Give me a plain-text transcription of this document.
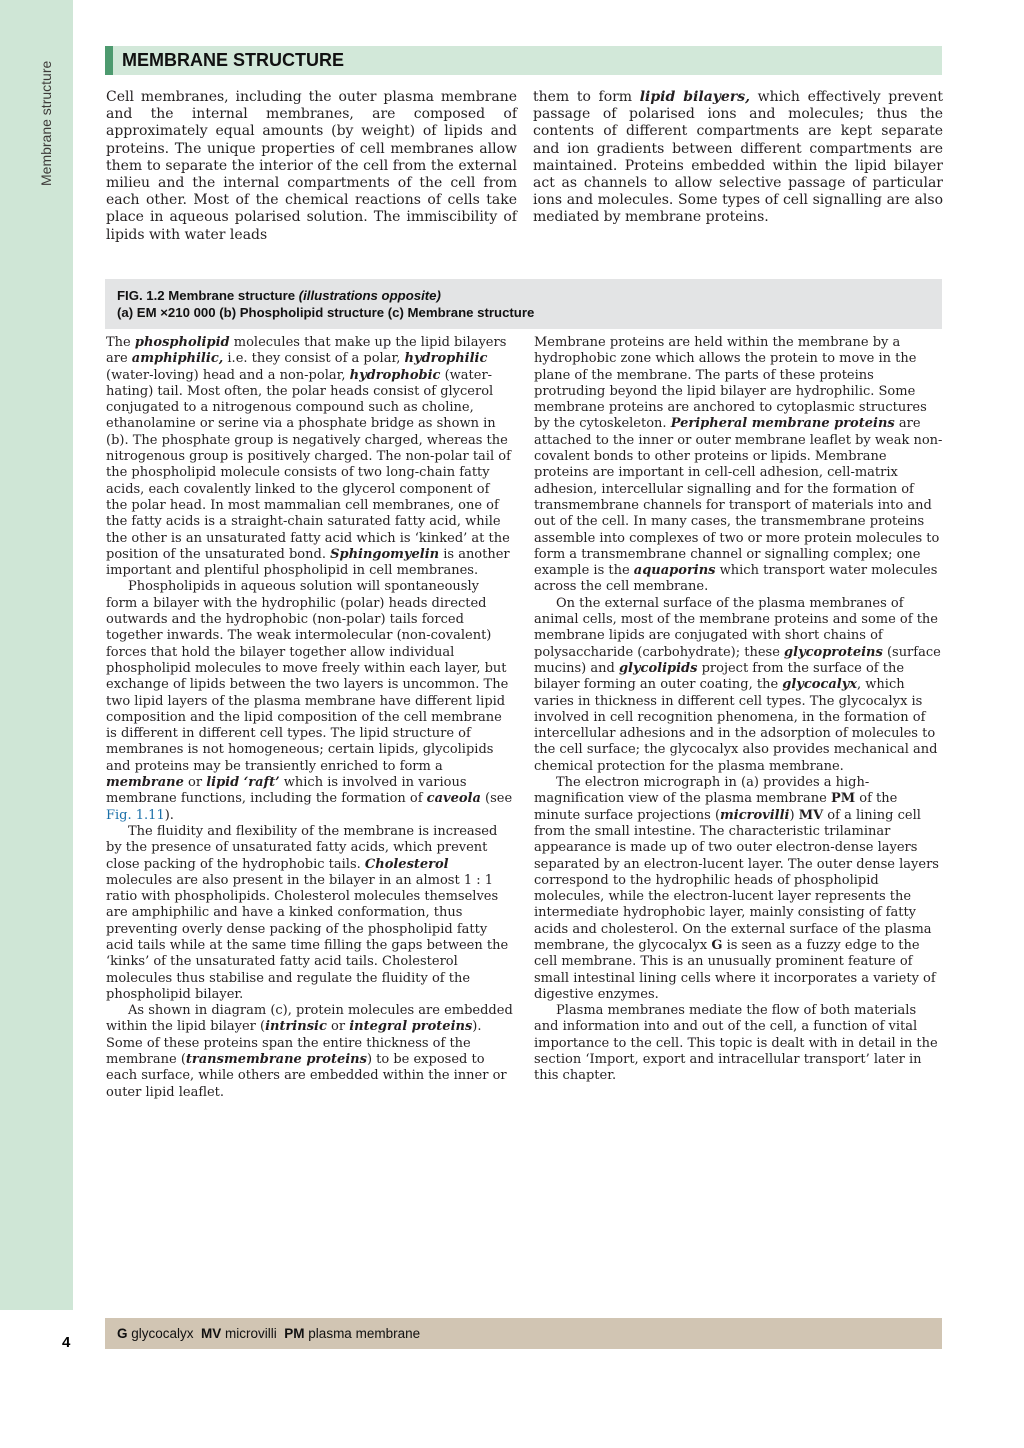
Membrane structure
4
MEMBRANE STRUCTURE

Cell membranes, including the outer plasma membrane and the internal membranes, are composed of approximately equal amounts (by weight) of lipids and proteins. The unique properties of cell membranes allow them to separate the interior of the cell from the external milieu and the internal compartments of the cell from each other. Most of the chemical reactions of cells take place in aqueous polarised solution. The immiscibility of lipids with water leads

them to form lipid bilayers, which effectively prevent passage of polarised ions and molecules; thus the contents of different compartments are kept separate and ion gradients between different compartments are maintained. Proteins embedded within the lipid bilayer act as channels to allow selective passage of particular ions and molecules. Some types of cell signalling are also mediated by membrane proteins.

FIG. 1.2 Membrane structure (illustrations opposite)
(a) EM ×210 000 (b) Phospholipid structure (c) Membrane structure

The phospholipid molecules that make up the lipid bilayers are amphiphilic, i.e. they consist of a polar, hydrophilic (water-loving) head and a non-polar, hydrophobic (water-hating) tail. Most often, the polar heads consist of glycerol conjugated to a nitrogenous compound such as choline, ethanolamine or serine via a phosphate bridge as shown in (b). The phosphate group is negatively charged, whereas the nitrogenous group is positively charged. The non-polar tail of the phospholipid molecule consists of two long-chain fatty acids, each covalently linked to the glycerol component of the polar head. In most mammalian cell membranes, one of the fatty acids is a straight-chain saturated fatty acid, while the other is an unsaturated fatty acid which is ‘kinked’ at the position of the unsaturated bond. Sphingomyelin is another important and plentiful phospholipid in cell membranes.

Phospholipids in aqueous solution will spontaneously form a bilayer with the hydrophilic (polar) heads directed outwards and the hydrophobic (non-polar) tails forced together inwards. The weak intermolecular (non-covalent) forces that hold the bilayer together allow individual phospholipid molecules to move freely within each layer, but exchange of lipids between the two layers is uncommon. The two lipid layers of the plasma membrane have different lipid composition and the lipid composition of the cell membrane is different in different cell types. The lipid structure of membranes is not homogeneous; certain lipids, glycolipids and proteins may be transiently enriched to form a membrane or lipid ‘raft’ which is involved in various membrane functions, including the formation of caveola (see Fig. 1.11).

The fluidity and flexibility of the membrane is increased by the presence of unsaturated fatty acids, which prevent close packing of the hydrophobic tails. Cholesterol molecules are also present in the bilayer in an almost 1 : 1 ratio with phospholipids. Cholesterol molecules themselves are amphiphilic and have a kinked conformation, thus preventing overly dense packing of the phospholipid fatty acid tails while at the same time filling the gaps between the ‘kinks’ of the unsaturated fatty acid tails. Cholesterol molecules thus stabilise and regulate the fluidity of the phospholipid bilayer.

As shown in diagram (c), protein molecules are embedded within the lipid bilayer (intrinsic or integral proteins). Some of these proteins span the entire thickness of the membrane (transmembrane proteins) to be exposed to each surface, while others are embedded within the inner or outer lipid leaflet.

Membrane proteins are held within the membrane by a hydrophobic zone which allows the protein to move in the plane of the membrane. The parts of these proteins protruding beyond the lipid bilayer are hydrophilic. Some membrane proteins are anchored to cytoplasmic structures by the cytoskeleton. Peripheral membrane proteins are attached to the inner or outer membrane leaflet by weak non-covalent bonds to other proteins or lipids. Membrane proteins are important in cell-cell adhesion, cell-matrix adhesion, intercellular signalling and for the formation of transmembrane channels for transport of materials into and out of the cell. In many cases, the transmembrane proteins assemble into complexes of two or more protein molecules to form a transmembrane channel or signalling complex; one example is the aquaporins which transport water molecules across the cell membrane.

On the external surface of the plasma membranes of animal cells, most of the membrane proteins and some of the membrane lipids are conjugated with short chains of polysaccharide (carbohydrate); these glycoproteins (surface mucins) and glycolipids project from the surface of the bilayer forming an outer coating, the glycocalyx, which varies in thickness in different cell types. The glycocalyx is involved in cell recognition phenomena, in the formation of intercellular adhesions and in the adsorption of molecules to the cell surface; the glycocalyx also provides mechanical and chemical protection for the plasma membrane.

The electron micrograph in (a) provides a high-magnification view of the plasma membrane PM of the minute surface projections (microvilli) MV of a lining cell from the small intestine. The characteristic trilaminar appearance is made up of two outer electron-dense layers separated by an electron-lucent layer. The outer dense layers correspond to the hydrophilic heads of phospholipid molecules, while the electron-lucent layer represents the intermediate hydrophobic layer, mainly consisting of fatty acids and cholesterol. On the external surface of the plasma membrane, the glycocalyx G is seen as a fuzzy edge to the cell membrane. This is an unusually prominent feature of small intestinal lining cells where it incorporates a variety of digestive enzymes.

Plasma membranes mediate the flow of both materials and information into and out of the cell, a function of vital importance to the cell. This topic is dealt with in detail in the section ‘Import, export and intracellular transport’ later in this chapter.

G glycocalyx  MV microvilli  PM plasma membrane
